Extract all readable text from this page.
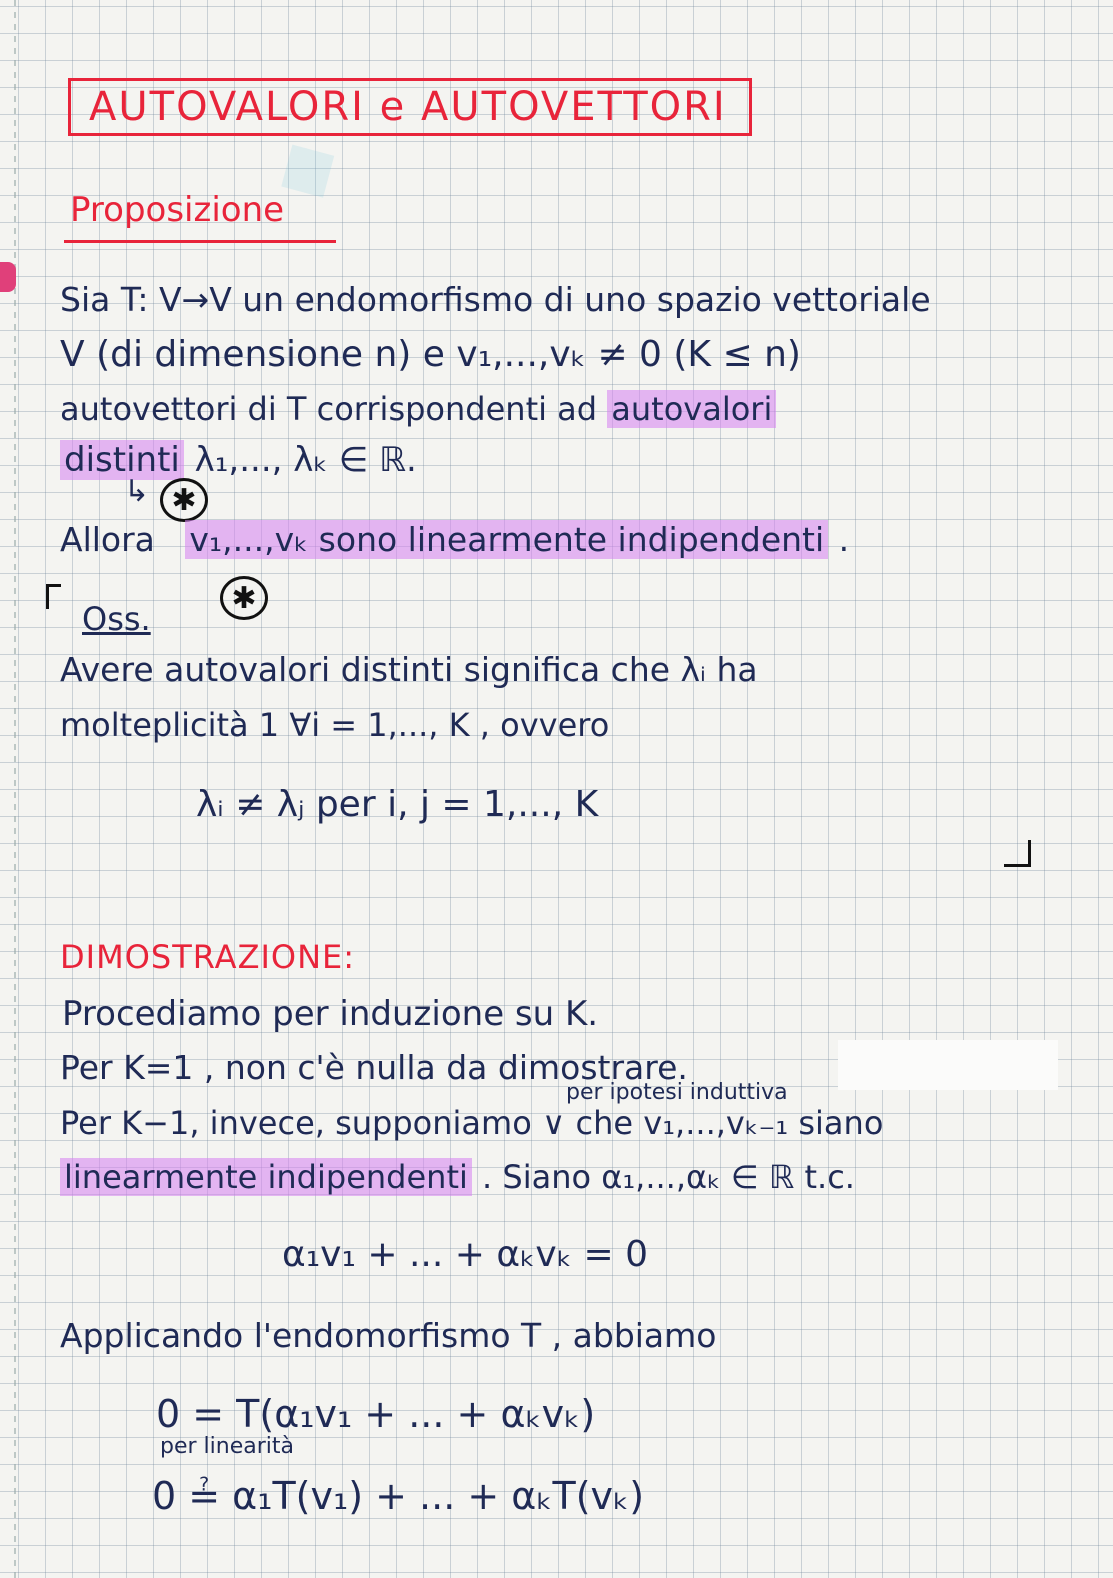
◆
AUTOVALORI e AUTOVETTORI
Proposizione
Sia T: V→V un endomorfismo di uno spazio vettoriale
V (di dimensione n) e v₁,...,vₖ ≠ 0 (K ≤ n)
autovettori di T corrispondenti ad autovalori
distinti λ₁,..., λₖ ∈ ℝ.
↳ ✱
Allora v₁,...,vₖ sono linearmente indipendenti .
✱
Oss.
Avere autovalori distinti significa che λᵢ ha
molteplicità 1 ∀i = 1,..., K , ovvero
λᵢ ≠ λⱼ per i, j = 1,..., K
DIMOSTRAZIONE:
Procediamo per induzione su K.
Per K=1 , non c'è nulla da dimostrare.
per ipotesi induttiva
Per K−1, invece, supponiamo ∨ che v₁,...,vₖ₋₁ siano
linearmente indipendenti . Siano α₁,...,αₖ ∈ ℝ t.c.
α₁v₁ + ... + αₖvₖ = 0
Applicando l'endomorfismo T , abbiamo
0 = T(α₁v₁ + ... + αₖvₖ)
per linearità
0 ≟ α₁T(v₁) + ... + αₖT(vₖ)
